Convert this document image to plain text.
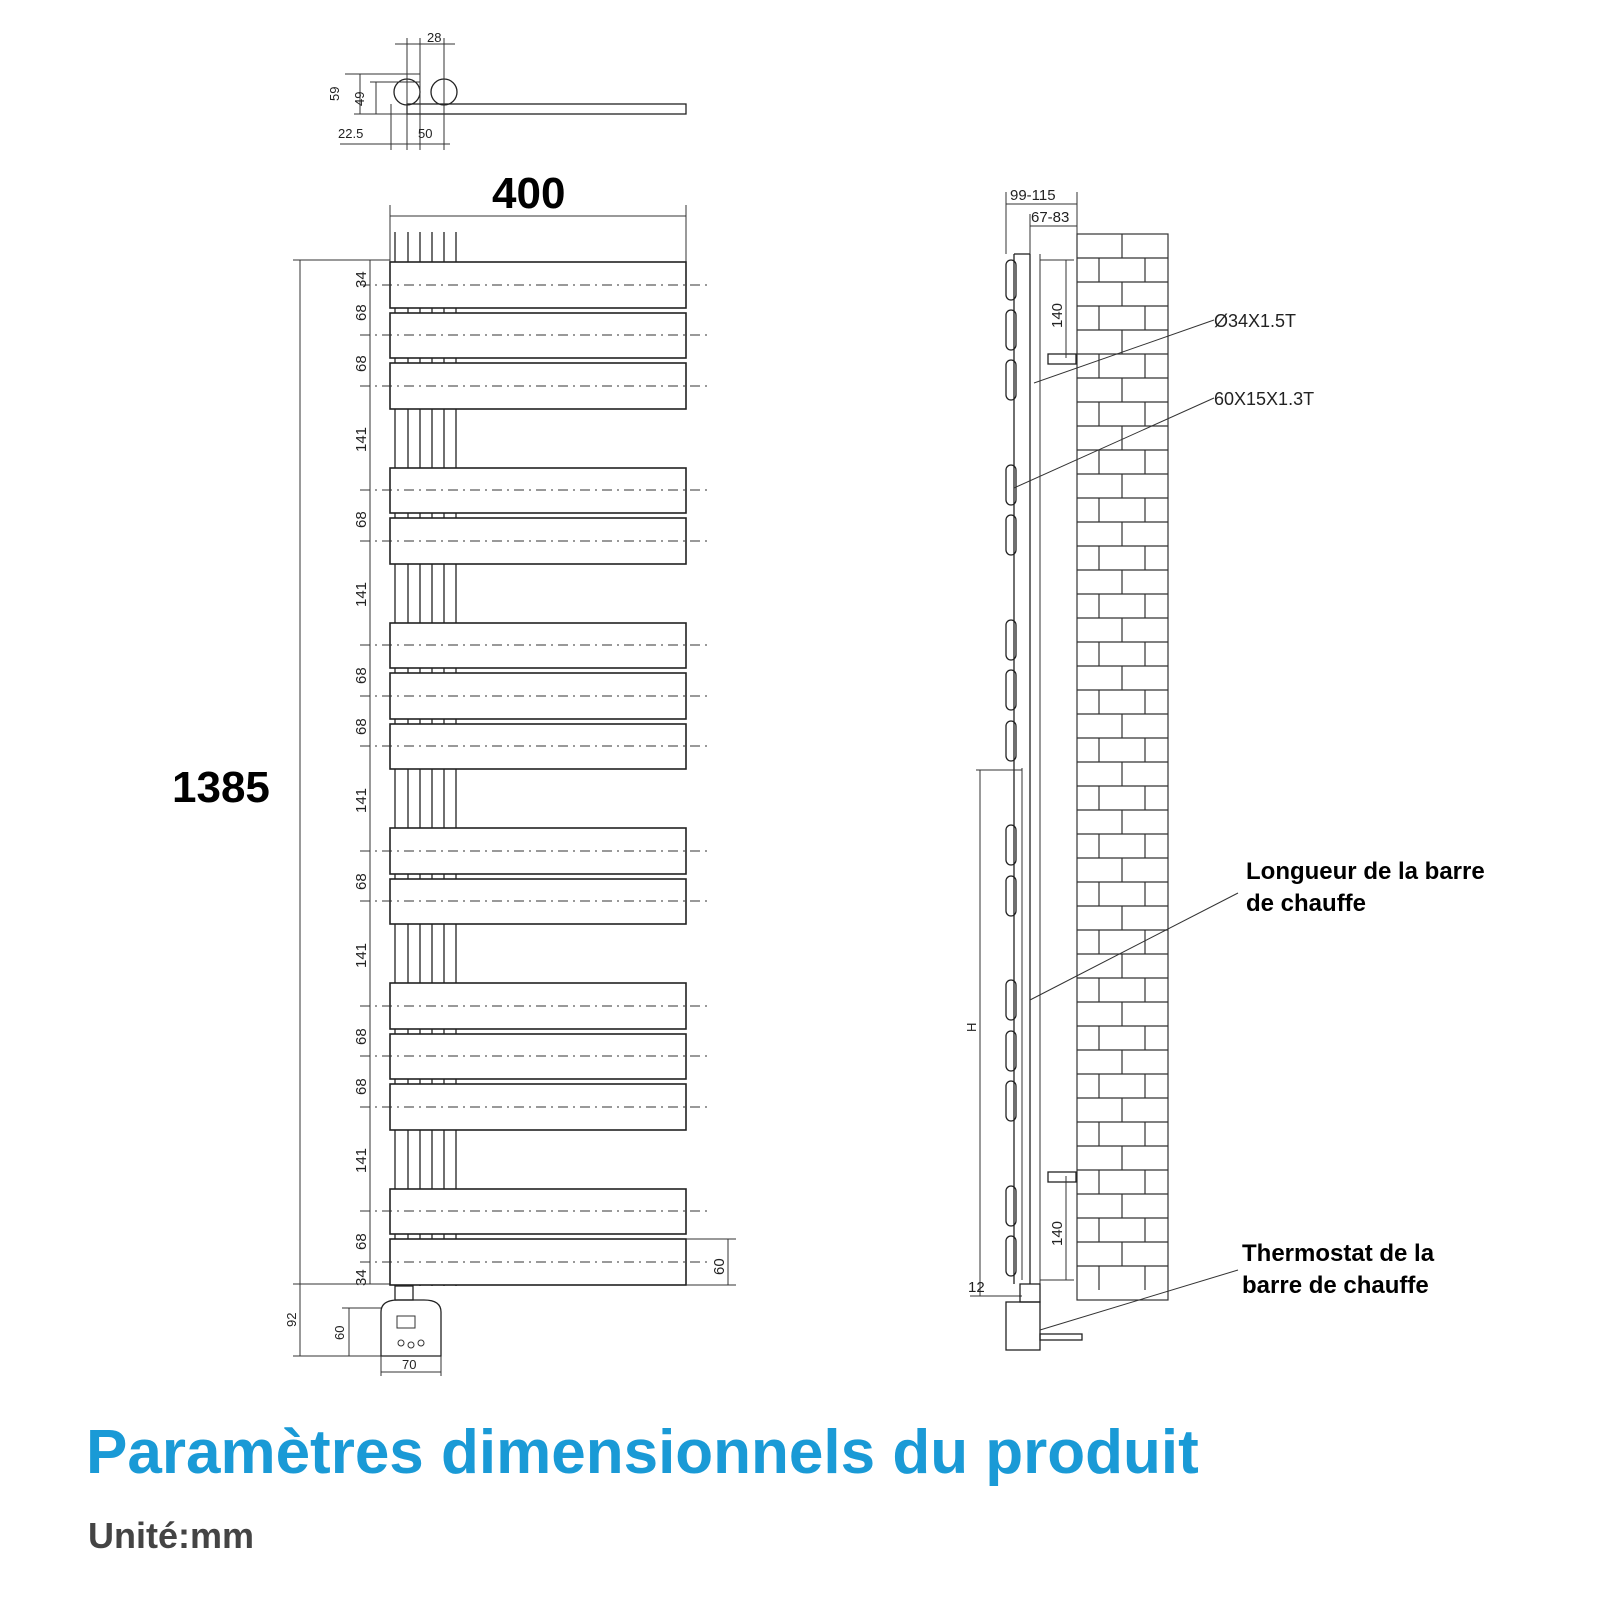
28
59 49
22.5	50
400
1385
34
68
68
141
68
141
68
68
141
68
141
68
68
141
68
34
60
92
60
70
99-115
67-83
140
140
H
12
Ø34X1.5T
60X15X1.3T
Longueur de la barre
de chauffe
Thermostat de la
barre de chauffe
Paramètres dimensionnels du produit

Unité:mm
